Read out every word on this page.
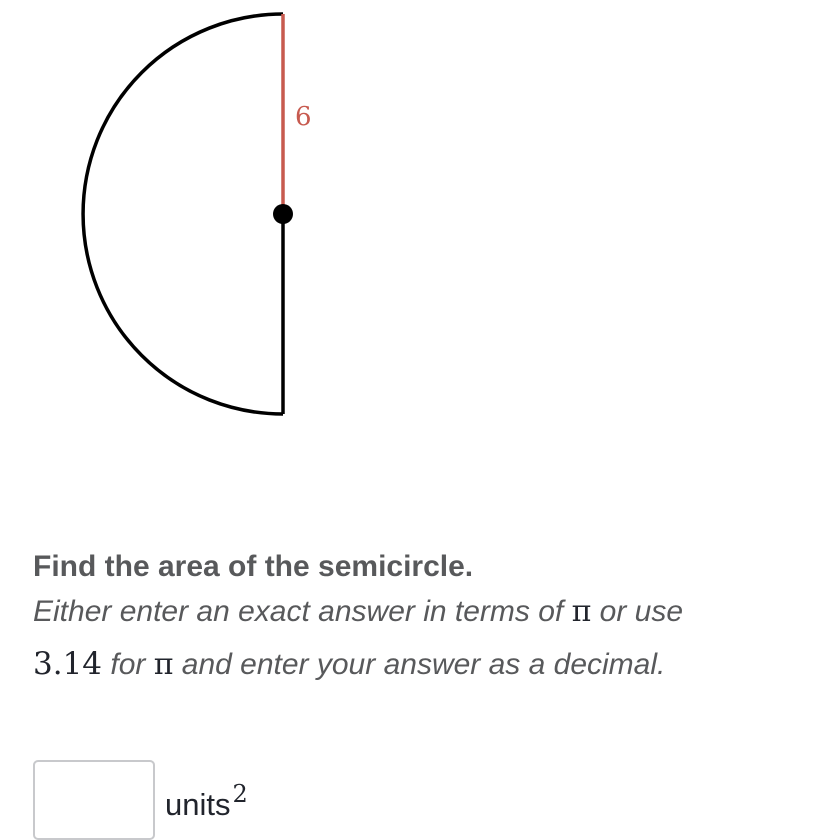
6

Find the area of the semicircle.

Either enter an exact answer in terms of π or use
3.14 for π and enter your answer as a decimal.

units$^2$
